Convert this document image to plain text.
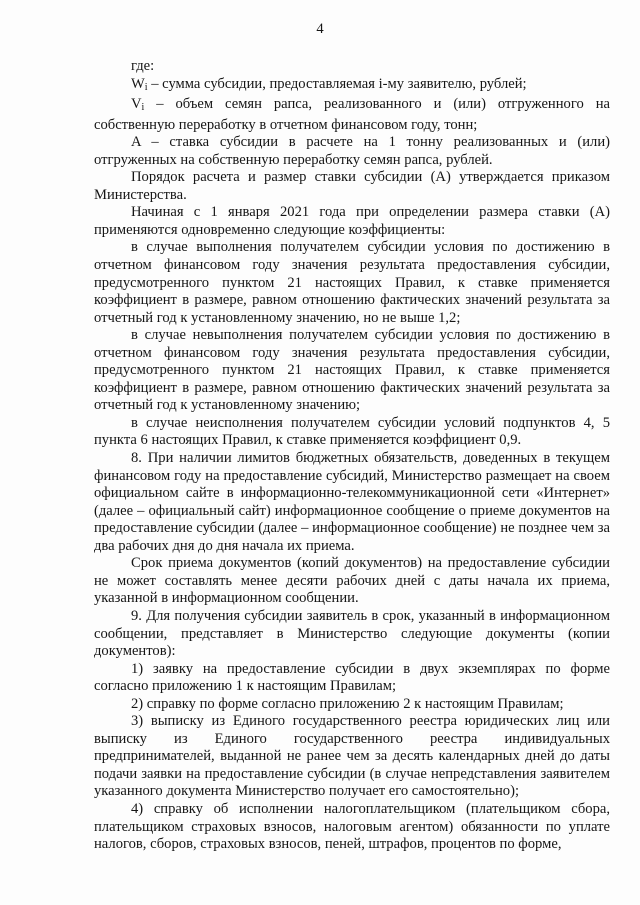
4

где:

$W_i$ – сумма субсидии, предоставляемая i-му заявителю, рублей;

$V_i$ – объем семян рапса, реализованного и (или) отгруженного на собственную переработку в отчетном финансовом году, тонн;

A – ставка субсидии в расчете на 1 тонну реализованных и (или) отгруженных на собственную переработку семян рапса, рублей.

Порядок расчета и размер ставки субсидии (A) утверждается приказом Министерства.

Начиная с 1 января 2021 года при определении размера ставки (A) применяются одновременно следующие коэффициенты:

в случае выполнения получателем субсидии условия по достижению в отчетном финансовом году значения результата предоставления субсидии, предусмотренного пунктом 21 настоящих Правил, к ставке применяется коэффициент в размере, равном отношению фактических значений результата за отчетный год к установленному значению, но не выше 1,2;

в случае невыполнения получателем субсидии условия по достижению в отчетном финансовом году значения результата предоставления субсидии, предусмотренного пунктом 21 настоящих Правил, к ставке применяется коэффициент в размере, равном отношению фактических значений результата за отчетный год к установленному значению;

в случае неисполнения получателем субсидии условий подпунктов 4, 5 пункта 6 настоящих Правил, к ставке применяется коэффициент 0,9.

8. При наличии лимитов бюджетных обязательств, доведенных в текущем финансовом году на предоставление субсидий, Министерство размещает на своем официальном сайте в информационно-телекоммуникационной сети «Интернет» (далее – официальный сайт) информационное сообщение о приеме документов на предоставление субсидии (далее – информационное сообщение) не позднее чем за два рабочих дня до дня начала их приема.

Срок приема документов (копий документов) на предоставление субсидии не может составлять менее десяти рабочих дней с даты начала их приема, указанной в информационном сообщении.

9. Для получения субсидии заявитель в срок, указанный в информационном сообщении, представляет в Министерство следующие документы (копии документов):

1) заявку на предоставление субсидии в двух экземплярах по форме согласно приложению 1 к настоящим Правилам;

2) справку по форме согласно приложению 2 к настоящим Правилам;

3) выписку из Единого государственного реестра юридических лиц или выписку из Единого государственного реестра индивидуальных предпринимателей, выданной не ранее чем за десять календарных дней до даты подачи заявки на предоставление субсидии (в случае непредставления заявителем указанного документа Министерство получает его самостоятельно);

4) справку об исполнении налогоплательщиком (плательщиком сбора, плательщиком страховых взносов, налоговым агентом) обязанности по уплате налогов, сборов, страховых взносов, пеней, штрафов, процентов по форме,
